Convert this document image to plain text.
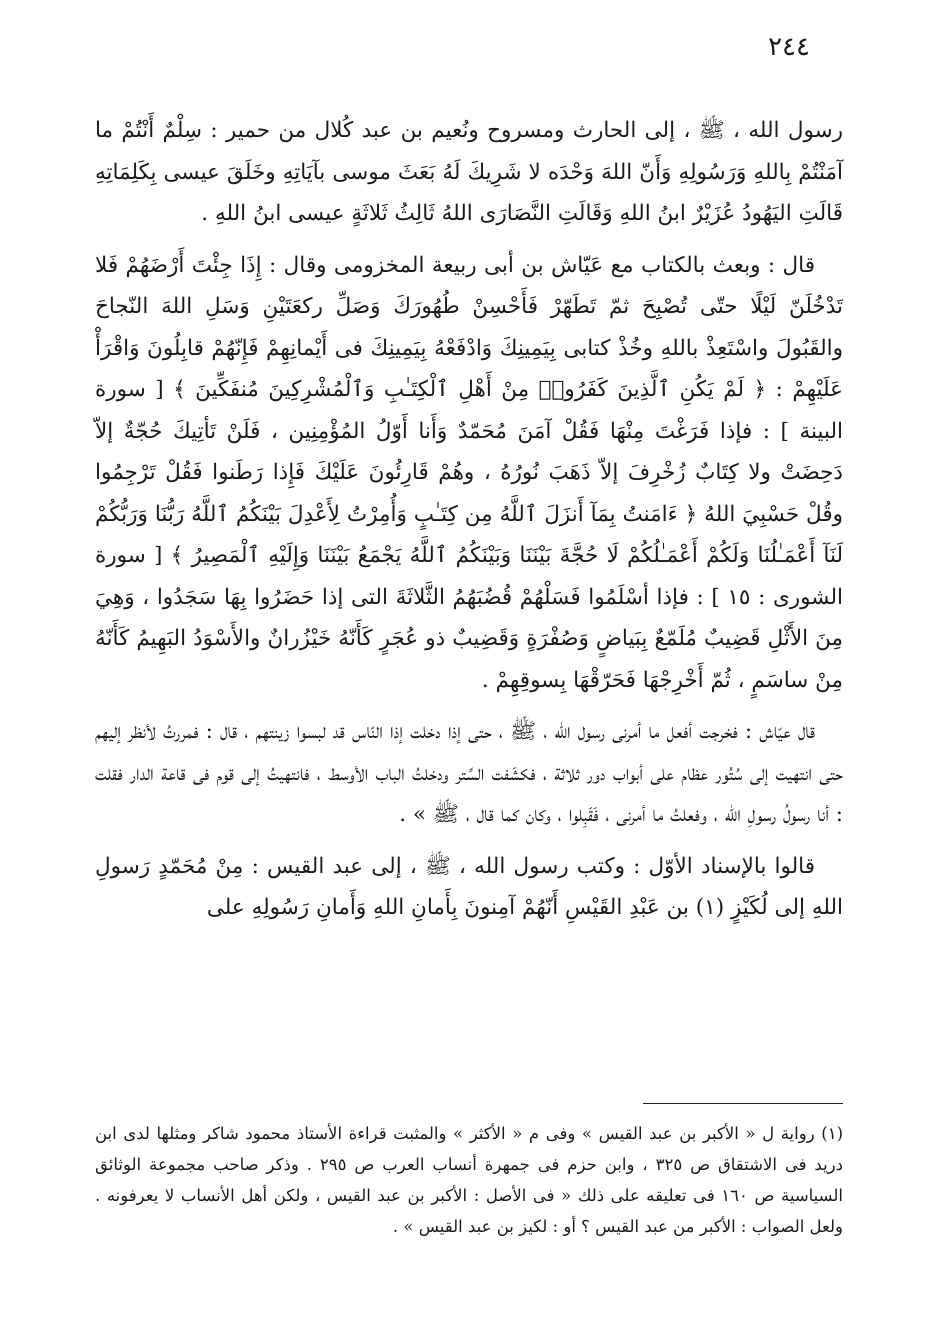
٢٤٤

رسول الله ، ﷺ ، إلى الحارث ومسروح ونُعيم بن عبد كُلال من حمير : سِلْمٌ أَنْتُمْ ما آمَنْتُمْ بِاللهِ وَرَسُولِهِ وَأَنّ اللهَ وَحْدَه لا شَرِيكَ لَهُ بَعَثَ موسى بآيَاتِهِ وخَلَقَ عيسى بِكَلِمَاتِهِ قَالَتِ اليَهُودُ عُزَيْرٌ ابنُ اللهِ وَقَالَتِ النَّصَارَى اللهُ ثَالِثُ ثَلاثَةٍ عيسى ابنُ اللهِ .

قال : وبعث بالكتاب مع عَيّاش بن أبى ربيعة المخزومى وقال : إِذَا جِئْتَ أَرْضَهُمْ فَلا تَدْخُلَنّ لَيْلًا حتّى تُصْبِحَ ثمّ تَطَهّرْ فَأَحْسِنْ طُهُورَكَ وَصَلِّ ركعَتَيْنِ وَسَلِ اللهَ النّجاحَ والقَبُولَ واسْتَعِذْ باللهِ وخُذْ كتابى بِيَمِينِكَ وَادْفَعْهُ بِيَمِينِكَ فى أَيْمانِهِمْ فَإِنّهُمْ قابِلُونَ وَاقْرَأْ عَلَيْهِمْ : ﴿ لَمْ يَكُنِ ٱلَّذِينَ كَفَرُوا۟ مِنْ أَهْلِ ٱلْكِتَـٰبِ وَٱلْمُشْرِكِينَ مُنفَكِّينَ ﴾ [ سورة البينة ] : فإذا فَرَغْتَ مِنْهَا فَقُلْ آمَنَ مُحَمّدٌ وَأَنا أَوّلُ المُؤْمِنِين ، فَلَنْ تَأتِيكَ حُجّةٌ إلاّ دَحِضَتْ ولا كِتَابٌ زُخْرِفَ إلاّ ذَهَبَ نُورُهُ ، وهُمْ قَارِئُونَ عَلَيْكَ فَإِذا رَطَنوا فَقُلْ تَرْجِمُوا وقُلْ حَسْبِيَ اللهُ ﴿ ءَامَنتُ بِمَآ أَنزَلَ ٱللَّهُ مِن كِتَـٰبٍ وَأُمِرْتُ لِأَعْدِلَ بَيْنَكُمُ ٱللَّهُ رَبُّنَا وَرَبُّكُمْ لَنَآ أَعْمَـٰلُنَا وَلَكُمْ أَعْمَـٰلُكُمْ لَا حُجَّةَ بَيْنَنَا وَبَيْنَكُمُ ٱللَّهُ يَجْمَعُ بَيْنَنَا وَإِلَيْهِ ٱلْمَصِيرُ ﴾ [ سورة الشورى : ١٥ ] : فإذا أسْلَمُوا فَسَلْهُمْ قُضُبَهُمُ الثَّلاثَةَ التى إذا حَضَرُوا بِهَا سَجَدُوا ، وَهِيَ مِنَ الأَثْلِ قَضِيبٌ مُلَمّعٌ بِبَياضٍ وَصُفْرَةٍ وَقَضِيبٌ ذو عُجَرٍ كَأَنّهُ خَيْزُرانٌ والأَسْوَدُ البَهِيمُ كَأَنّهُ مِنْ ساسَمٍ ، ثُمّ أَخْرِجْهَا فَحَرّقْهَا بِسوقِهِمْ .

قال عيّاش : فخرجت أفعل ما أمرنى رسول الله ، ﷺ ، حتى إذا دخلت إذا النّاس قد لبسوا زينتهم ، قال : فمررتُ لأنظر إليهم حتى انتهيت إلى سُتُور عظام على أبواب دور ثلاثة ، فكشَفت السِّتر ودخلتُ الباب الأوسط ، فانتهيتُ إلى قوم فى قاعة الدار فقلت : أنا رسولُ رسولِ الله ، وفعلتُ ما أمرنى ، فَقَبِلوا ، وكان كما قال ، ﷺ » .

قالوا بالإسناد الأوّل : وكتب رسول الله ، ﷺ ، إلى عبد القيس : مِنْ مُحَمّدٍ رَسولِ اللهِ إلى لُكَيْزٍ (١) بن عَبْدِ القَيْسِ أَنّهُمْ آمِنونَ بِأَمانِ اللهِ وَأَمانِ رَسُولِهِ على

(١) رواية ل « الأكبر بن عبد القيس » وفى م « الأكثر » والمثبت قراءة الأستاذ محمود شاكر ومثلها لدى ابن دريد فى الاشتقاق ص ٣٢٥ ، وابن حزم فى جمهرة أنساب العرب ص ٢٩٥ . وذكر صاحب مجموعة الوثائق السياسية ص ١٦٠ فى تعليقه على ذلك « فى الأصل : الأكبر بن عبد القيس ، ولكن أهل الأنساب لا يعرفونه . ولعل الصواب : الأكبر من عبد القيس ؟ أو : لكيز بن عبد القيس » .
